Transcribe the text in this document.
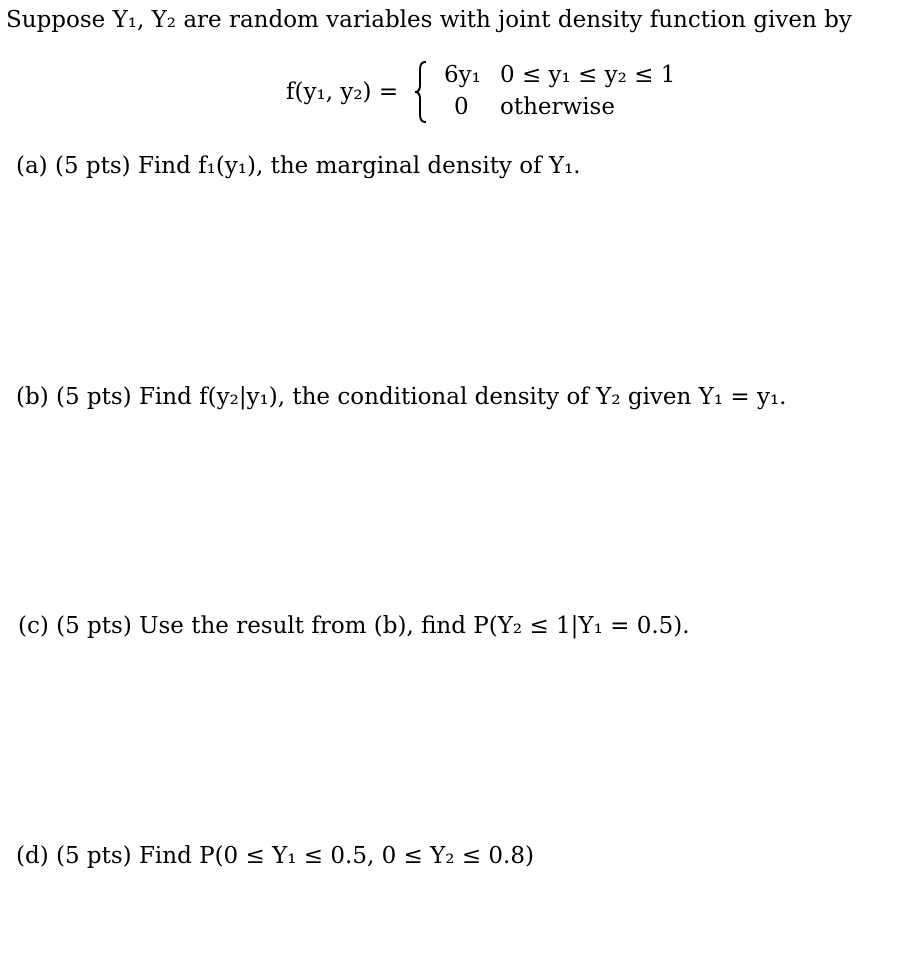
Suppose Y₁, Y₂ are random variables with joint density function given by
f(y₁, y₂) =
6y₁ 0 ≤ y₁ ≤ y₂ ≤ 1
0 otherwise
(a) (5 pts) Find f₁(y₁), the marginal density of Y₁.
(b) (5 pts) Find f(y₂|y₁), the conditional density of Y₂ given Y₁ = y₁.
(c) (5 pts) Use the result from (b), find P(Y₂ ≤ 1|Y₁ = 0.5).
(d) (5 pts) Find P(0 ≤ Y₁ ≤ 0.5, 0 ≤ Y₂ ≤ 0.8)
